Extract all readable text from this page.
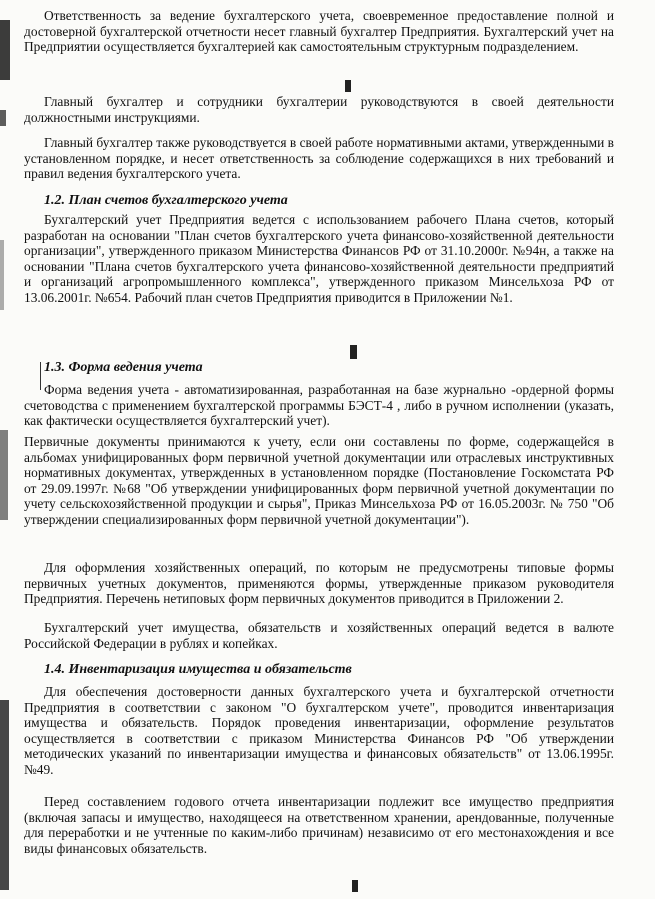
Ответственность за ведение бухгалтерского учета, своевременное предоставление полной и достоверной бухгалтерской отчетности несет главный бухгалтер Предприятия. Бухгалтерский учет на Предприятии осуществляется бухгалтерией как самостоятельным структурным подразделением.

Главный бухгалтер и сотрудники бухгалтерии руководствуются в своей деятельности должностными инструкциями.

Главный бухгалтер также руководствуется в своей работе нормативными актами, утвержденными в установленном порядке, и несет ответственность за соблюдение содержащихся в них требований и правил ведения бухгалтерского учета.

1.2. План счетов бухгалтерского учета

Бухгалтерский учет Предприятия ведется с использованием рабочего Плана счетов, который разработан на основании "План счетов бухгалтерского учета финансово-хозяйственной деятельности организации", утвержденного приказом Министерства Финансов РФ от 31.10.2000г. №94н, а также на основании "Плана счетов бухгалтерского учета финансово-хозяйственной деятельности предприятий и организаций агропромышленного комплекса", утвержденного приказом Минсельхоза РФ от 13.06.2001г. №654. Рабочий план счетов Предприятия приводится в Приложении №1.

1.3. Форма ведения учета

Форма ведения учета - автоматизированная, разработанная на базе журнально -ордерной формы счетоводства с применением бухгалтерской программы БЭСТ-4 , либо в ручном исполнении (указать, как фактически осуществляется бухгалтерский учет).

Первичные документы принимаются к учету, если они составлены по форме, содержащейся в альбомах унифицированных форм первичной учетной документации или отраслевых инструктивных нормативных документах, утвержденных в установленном порядке (Постановление Госкомстата РФ от 29.09.1997г. №68 "Об утверждении унифицированных форм первичной учетной документации по учету сельскохозяйственной продукции и сырья", Приказ Минсельхоза РФ от 16.05.2003г. № 750 "Об утверждении специализированных форм первичной учетной документации").

Для оформления хозяйственных операций, по которым не предусмотрены типовые формы первичных учетных документов, применяются формы, утвержденные приказом руководителя Предприятия. Перечень нетиповых форм первичных документов приводится в Приложении 2.

Бухгалтерский учет имущества, обязательств и хозяйственных операций ведется в валюте Российской Федерации в рублях и копейках.

1.4. Инвентаризация имущества и обязательств

Для обеспечения достоверности данных бухгалтерского учета и бухгалтерской отчетности Предприятия в соответствии с законом "О бухгалтерском учете", проводится инвентаризация имущества и обязательств. Порядок проведения инвентаризации, оформление результатов осуществляется в соответствии с приказом Министерства Финансов РФ "Об утверждении методических указаний по инвентаризации имущества и финансовых обязательств" от 13.06.1995г. №49.

Перед составлением годового отчета инвентаризации подлежит все имущество предприятия (включая запасы и имущество, находящееся на ответственном хранении, арендованные, полученные для переработки и не учтенные по каким-либо причинам) независимо от его местонахождения и все виды финансовых обязательств.
